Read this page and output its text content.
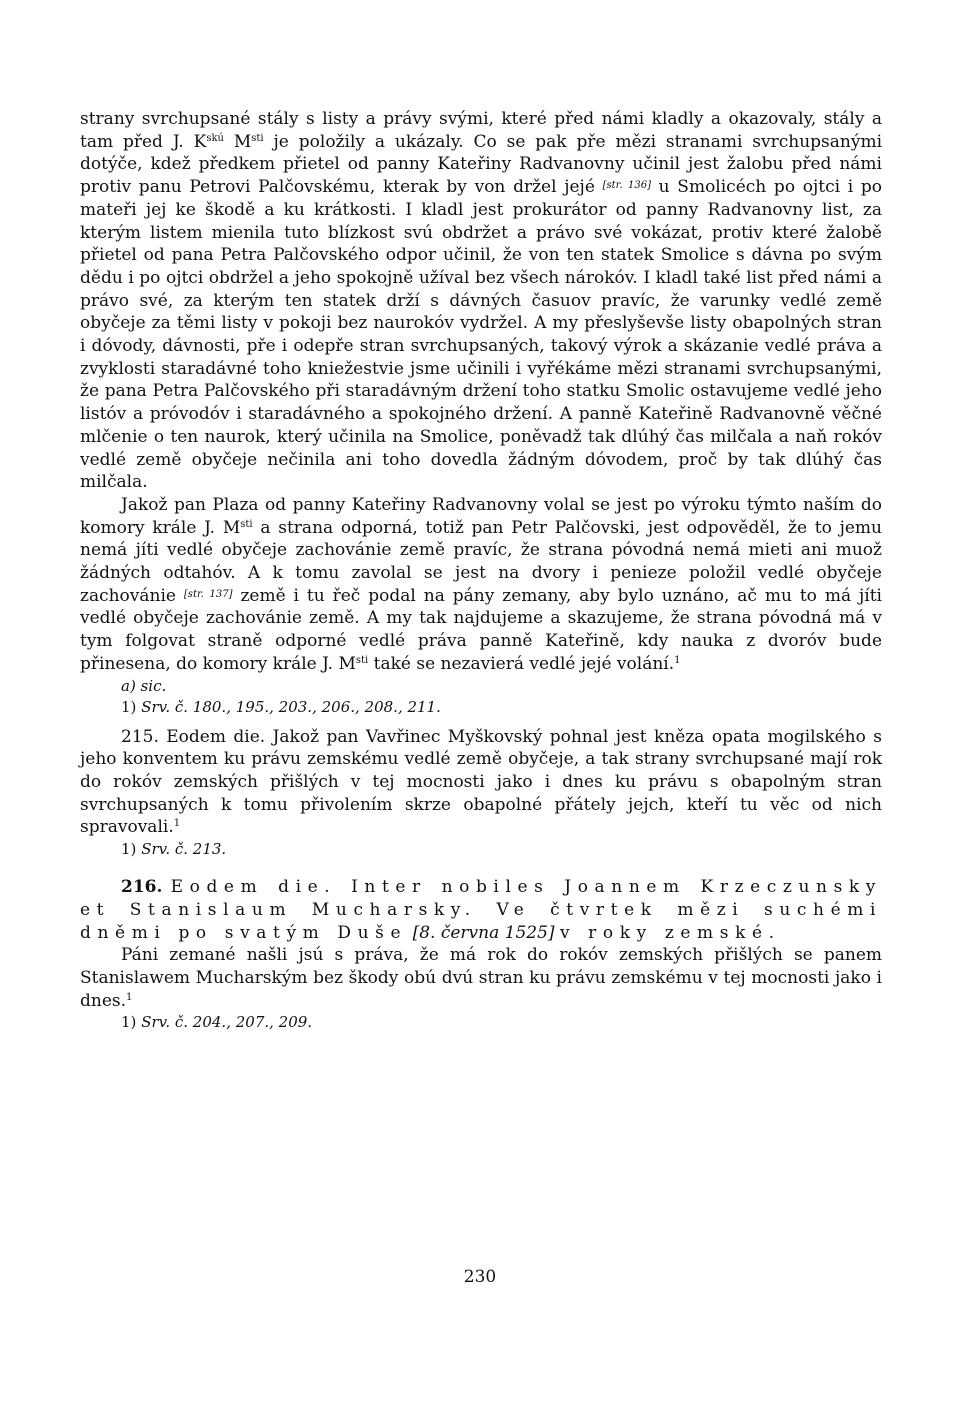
strany svrchupsané stály s listy a právy svými, které před námi kladly a okazovaly, stály a tam před J. $K^{skú}$ $M^{sti}$ je položily a ukázaly. Co se pak pře mězi stranami svrchupsanými dotýče, kdež předkem přietel od panny Kateřiny Radvanovny učinil jest žalobu před námi protiv panu Petrovi Palčovskému, kterak by von držel jejé [str. 136] u Smolicéch po ojtci i po mateři jej ke škodě a ku krátkosti. I kladl jest prokurátor od panny Radvanovny list, za kterým listem mienila tuto blízkost svú obdržet a právo své vokázat, protiv které žalobě přietel od pana Petra Palčovského odpor učinil, že von ten statek Smolice s dávna po svým dědu i po ojtci obdržel a jeho spokojně užíval bez všech nárokóv. I kladl také list před námi a právo své, za kterým ten statek drží s dávných časuov pravíc, že varunky vedlé země obyčeje za těmi listy v pokoji bez naurokóv vydržel. A my přeslyševše listy obapolných stran i dóvody, dávnosti, pře i odepře stran svrchupsaných, takový výrok a skázanie vedlé práva a zvyklosti staradávné toho kniežestvie jsme učinili i vyřékáme mězi stranami svrchupsanými, že pana Petra Palčovského při staradávným držení toho statku Smolic ostavujeme vedlé jeho listóv a próvodóv i staradávného a spokojného držení. A panně Kateřině Radvanovně věčné mlčenie o ten naurok, který učinila na Smolice, poněvadž tak dlúhý čas milčala a naň rokóv vedlé země obyčeje nečinila ani toho dovedla žádným dóvodem, proč by tak dlúhý čas milčala.

Jakož pan Plaza od panny Kateřiny Radvanovny volal se jest po výroku týmto naším do komory krále J. $M^{sti}$ a strana odporná, totiž pan Petr Palčovski, jest odpověděl, že to jemu nemá jíti vedlé obyčeje zachovánie země pravíc, že strana póvodná nemá mieti ani muož žádných odtahóv. A k tomu zavolal se jest na dvory i penieze položil vedlé obyčeje zachovánie [str. 137] země i tu řeč podal na pány zemany, aby bylo uznáno, ač mu to má jíti vedlé obyčeje zachovánie země. A my tak najdujeme a skazujeme, že strana póvodná má v tym folgovat straně odporné vedlé práva panně Kateřině, kdy nauka z dvoróv bude přinesena, do komory krále J. $M^{sti}$ také se nezavierá vedlé jejé volání.$^1$

a) sic.

1) Srv. č. 180., 195., 203., 206., 208., 211.

215. Eodem die. Jakož pan Vavřinec Myškovský pohnal jest kněza opata mogilského s jeho konventem ku právu zemskému vedlé země obyčeje, a tak strany svrchupsané mají rok do rokóv zemských přišlých v tej mocnosti jako i dnes ku právu s obapolným stran svrchupsaných k tomu přivolením skrze obapolné přátely jejch, kteří tu věc od nich spravovali.$^1$

1) Srv. č. 213.

216. Eodem die. Inter nobiles Joannem Krzeczunsky et Stanislaum Mucharsky. Ve čtvrtek mězi suchémi dněmi po svatým Duše [8. června 1525] v roky zemské.

Páni zemané našli jsú s práva, že má rok do rokóv zemských přišlých se panem Stanislawem Mucharským bez škody obú dvú stran ku právu zemskému v tej mocnosti jako i dnes.$^1$

1) Srv. č. 204., 207., 209.

230
